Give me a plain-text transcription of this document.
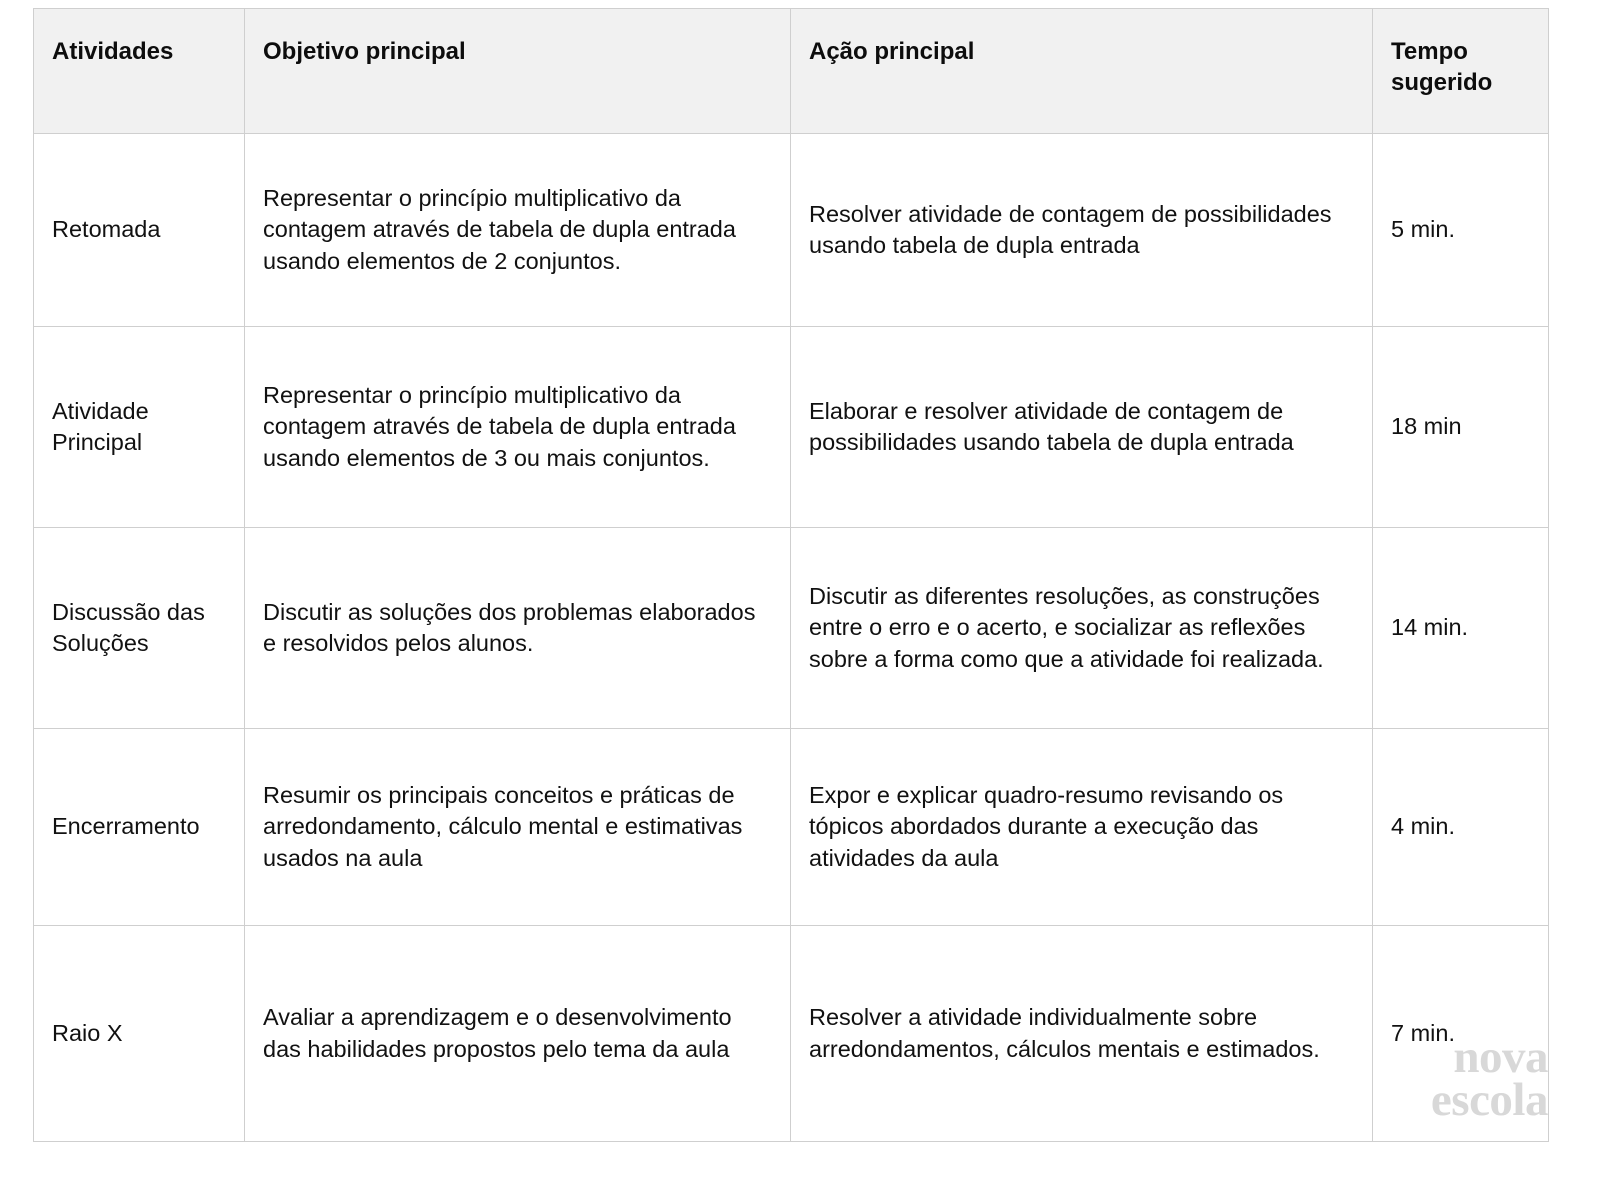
Atividades	Objetivo principal	Ação principal	Tempo sugerido
Retomada	Representar o princípio multiplicativo da contagem através de tabela de dupla entrada usando elementos de 2 conjuntos.	Resolver atividade de contagem de possibilidades usando tabela de dupla entrada	5 min.
Atividade Principal	Representar o princípio multiplicativo da contagem através de tabela de dupla entrada usando elementos de 3 ou mais conjuntos.	Elaborar e resolver atividade de contagem de possibilidades usando tabela de dupla entrada	18 min
Discussão das Soluções	Discutir as soluções dos problemas elaborados e resolvidos pelos alunos.	Discutir as diferentes resoluções, as construções entre o erro e o acerto, e socializar as reflexões sobre a forma como que a atividade foi realizada.	14 min.
Encerramento	Resumir os principais conceitos e práticas de arredondamento, cálculo mental e estimativas usados na aula	Expor e explicar quadro-resumo revisando os tópicos abordados durante a execução das atividades da aula	4 min.
Raio X	Avaliar a aprendizagem e o desenvolvimento das habilidades propostos pelo tema da aula	Resolver a atividade individualmente sobre arredondamentos, cálculos mentais e estimados.	7 min.
nova
escola
